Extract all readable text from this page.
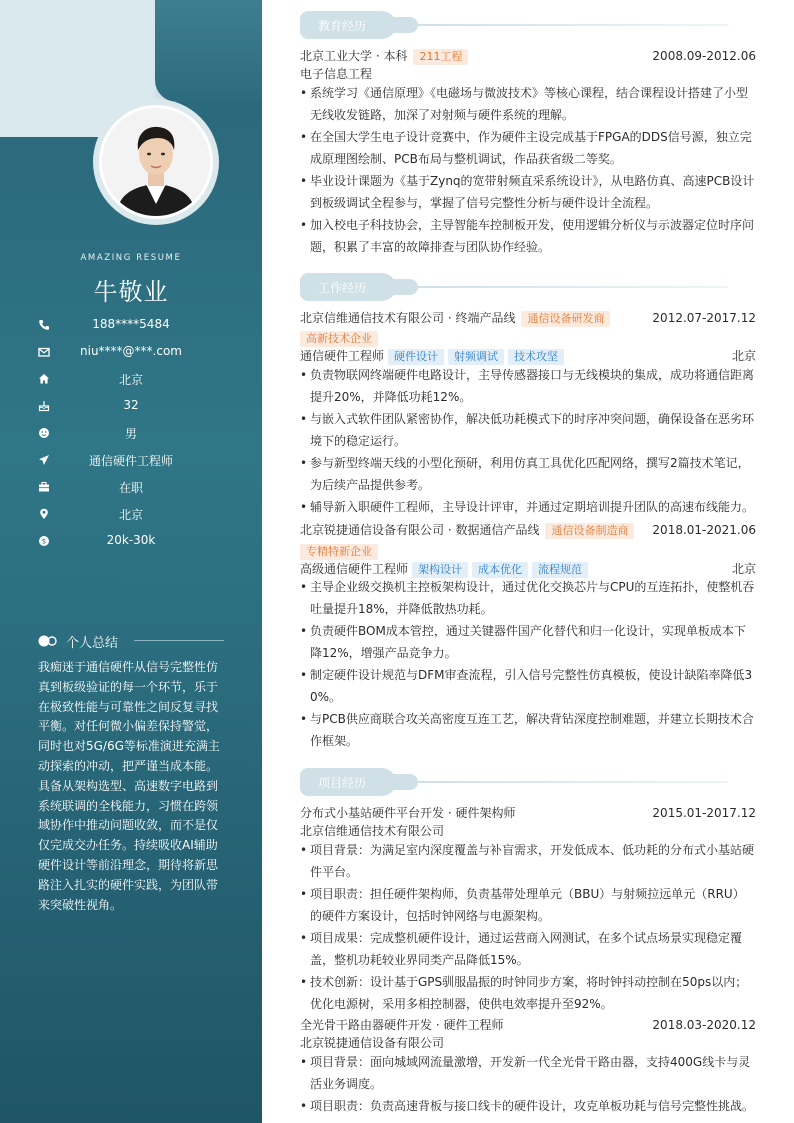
AMAZING RESUME
牛敬业
188****5484
niu****@***.com
北京
32
男
通信硬件工程师
在职
北京
$	20k-30k
个人总结
我痴迷于通信硬件从信号完整性仿真到板级验证的每一个环节，乐于在极致性能与可靠性之间反复寻找平衡。对任何微小偏差保持警觉，同时也对5G/6G等标准演进充满主动探索的冲动，把严谨当成本能。具备从架构选型、高速数字电路到系统联调的全栈能力，习惯在跨领域协作中推动问题收敛，而不是仅仅完成交办任务。持续吸收AI辅助硬件设计等前沿理念，期待将新思路注入扎实的硬件实践，为团队带来突破性视角。
教育经历
北京工业大学 · 本科 211工程	2008.09-2012.06
电子信息工程
• 系统学习《通信原理》《电磁场与微波技术》等核心课程，结合课程设计搭建了小型无线收发链路，加深了对射频与硬件系统的理解。
• 在全国大学生电子设计竞赛中，作为硬件主设完成基于FPGA的DDS信号源，独立完成原理图绘制、PCB布局与整机调试，作品获省级二等奖。
• 毕业设计课题为《基于Zynq的宽带射频直采系统设计》，从电路仿真、高速PCB设计到板级调试全程参与，掌握了信号完整性分析与硬件设计全流程。
• 加入校电子科技协会，主导智能车控制板开发，使用逻辑分析仪与示波器定位时序问题，积累了丰富的故障排查与团队协作经验。
工作经历
北京信维通信技术有限公司 · 终端产品线 通信设备研发商	2012.07-2017.12
高新技术企业
通信硬件工程师 硬件设计 射频调试 技术攻坚	北京
• 负责物联网终端硬件电路设计，主导传感器接口与无线模块的集成，成功将通信距离提升20%，并降低功耗12%。
• 与嵌入式软件团队紧密协作，解决低功耗模式下的时序冲突问题，确保设备在恶劣环境下的稳定运行。
• 参与新型终端天线的小型化预研，利用仿真工具优化匹配网络，撰写2篇技术笔记，为后续产品提供参考。
• 辅导新入职硬件工程师，主导设计评审，并通过定期培训提升团队的高速布线能力。
北京锐捷通信设备有限公司 · 数据通信产品线 通信设备制造商 2018.01-2021.06
专精特新企业
高级通信硬件工程师 架构设计 成本优化 流程规范	北京
• 主导企业级交换机主控板架构设计，通过优化交换芯片与CPU的互连拓扑，使整机吞吐量提升18%，并降低散热功耗。
• 负责硬件BOM成本管控，通过关键器件国产化替代和归一化设计，实现单板成本下降12%，增强产品竞争力。
• 制定硬件设计规范与DFM审查流程，引入信号完整性仿真模板，使设计缺陷率降低30%。
• 与PCB供应商联合攻关高密度互连工艺，解决背钻深度控制难题，并建立长期技术合作框架。
项目经历
分布式小基站硬件平台开发 · 硬件架构师	2015.01-2017.12
北京信维通信技术有限公司
• 项目背景：为满足室内深度覆盖与补盲需求，开发低成本、低功耗的分布式小基站硬件平台。
• 项目职责：担任硬件架构师，负责基带处理单元（BBU）与射频拉远单元（RRU）的硬件方案设计，包括时钟网络与电源架构。
• 项目成果：完成整机硬件设计，通过运营商入网测试，在多个试点场景实现稳定覆盖，整机功耗较业界同类产品降低15%。
• 技术创新：设计基于GPS驯服晶振的时钟同步方案，将时钟抖动控制在50ps以内；优化电源树，采用多相控制器，使供电效率提升至92%。
全光骨干路由器硬件开发 · 硬件工程师	2018.03-2020.12
北京锐捷通信设备有限公司
• 项目背景：面向城域网流量激增，开发新一代全光骨干路由器，支持400G线卡与灵活业务调度。
• 项目职责：负责高速背板与接口线卡的硬件设计，攻克单板功耗与信号完整性挑战。
